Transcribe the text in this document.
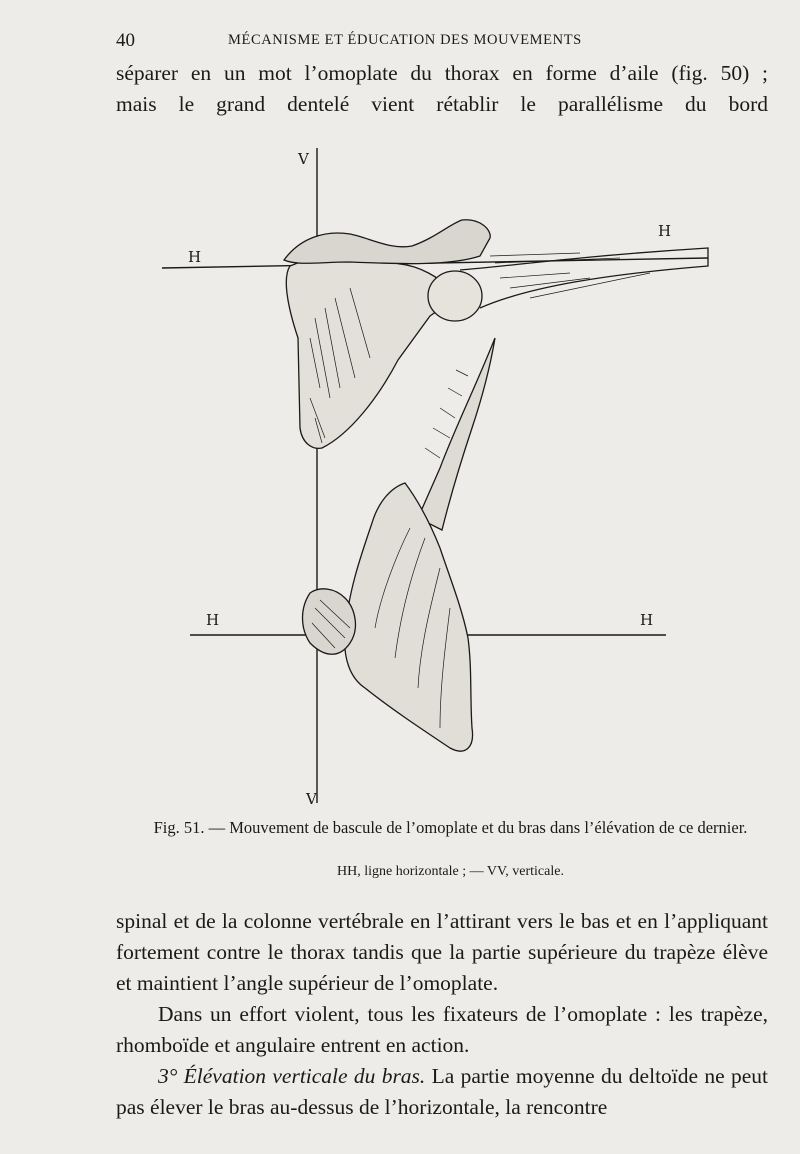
40	MÉCANISME ET ÉDUCATION DES MOUVEMENTS

séparer en un mot l’omoplate du thorax en forme d’aile (fig. 50) ;

mais le grand dentelé vient rétablir le parallélisme du bord

V
V
H
H
H	H
Fig. 51. — Mouvement de bascule de l’omoplate et du bras dans l’élévation de ce dernier.
HH, ligne horizontale ; — VV, verticale.

spinal et de la colonne vertébrale en l’attirant vers le bas et en l’appliquant fortement contre le thorax tandis que la partie supérieure du trapèze élève et maintient l’angle supérieur de l’omoplate.

Dans un effort violent, tous les fixateurs de l’omoplate : les trapèze, rhomboïde et angulaire entrent en action.

3° Élévation verticale du bras. La partie moyenne du deltoïde ne peut pas élever le bras au-dessus de l’horizontale, la rencontre
